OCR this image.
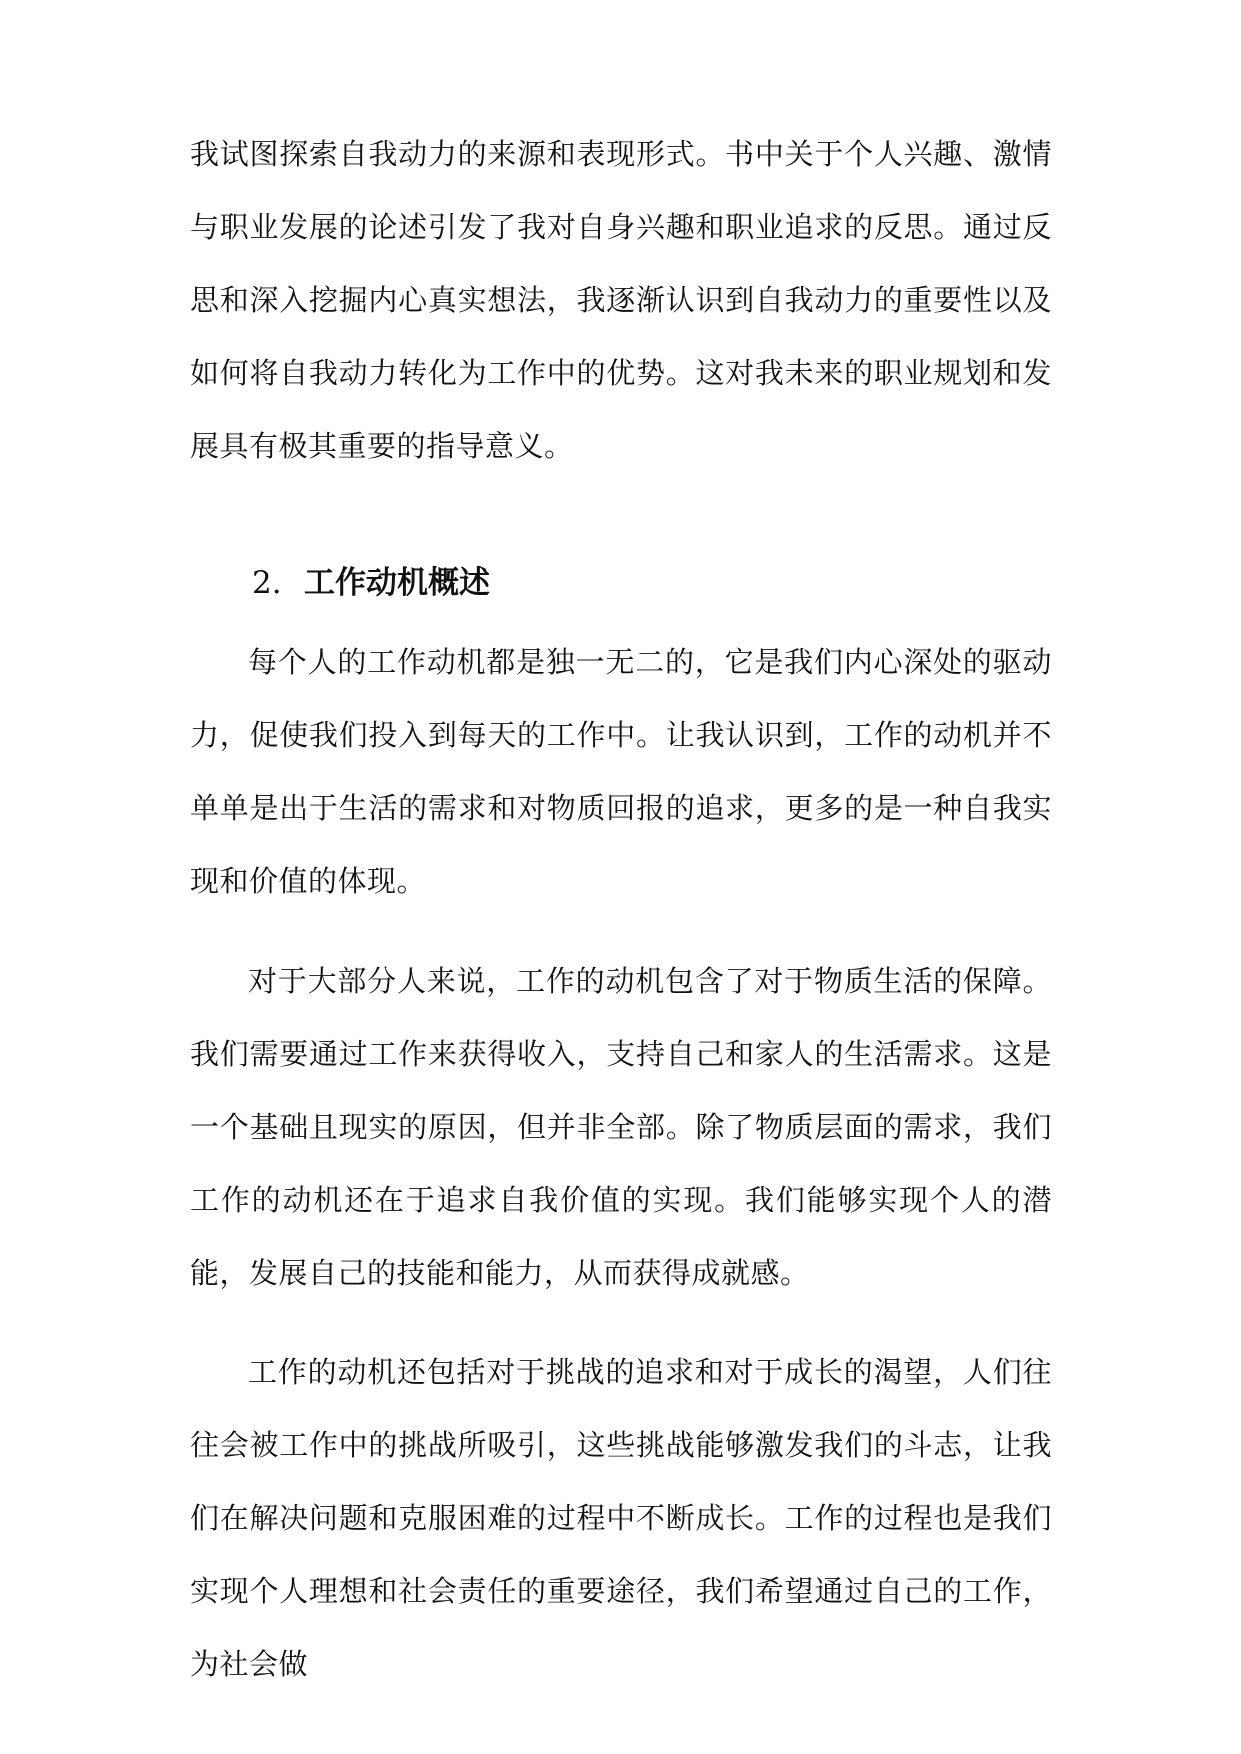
我试图探索自我动力的来源和表现形式。书中关于个人兴趣、激情与职业发展的论述引发了我对自身兴趣和职业追求的反思。通过反思和深入挖掘内心真实想法，我逐渐认识到自我动力的重要性以及如何将自我动力转化为工作中的优势。这对我未来的职业规划和发展具有极其重要的指导意义。

2. 工作动机概述

每个人的工作动机都是独一无二的，它是我们内心深处的驱动力，促使我们投入到每天的工作中。让我认识到，工作的动机并不单单是出于生活的需求和对物质回报的追求，更多的是一种自我实现和价值的体现。

对于大部分人来说，工作的动机包含了对于物质生活的保障。我们需要通过工作来获得收入，支持自己和家人的生活需求。这是一个基础且现实的原因，但并非全部。除了物质层面的需求，我们工作的动机还在于追求自我价值的实现。我们能够实现个人的潜能，发展自己的技能和能力，从而获得成就感。

工作的动机还包括对于挑战的追求和对于成长的渴望，人们往往会被工作中的挑战所吸引，这些挑战能够激发我们的斗志，让我们在解决问题和克服困难的过程中不断成长。工作的过程也是我们实现个人理想和社会责任的重要途径，我们希望通过自己的工作，为社会做
